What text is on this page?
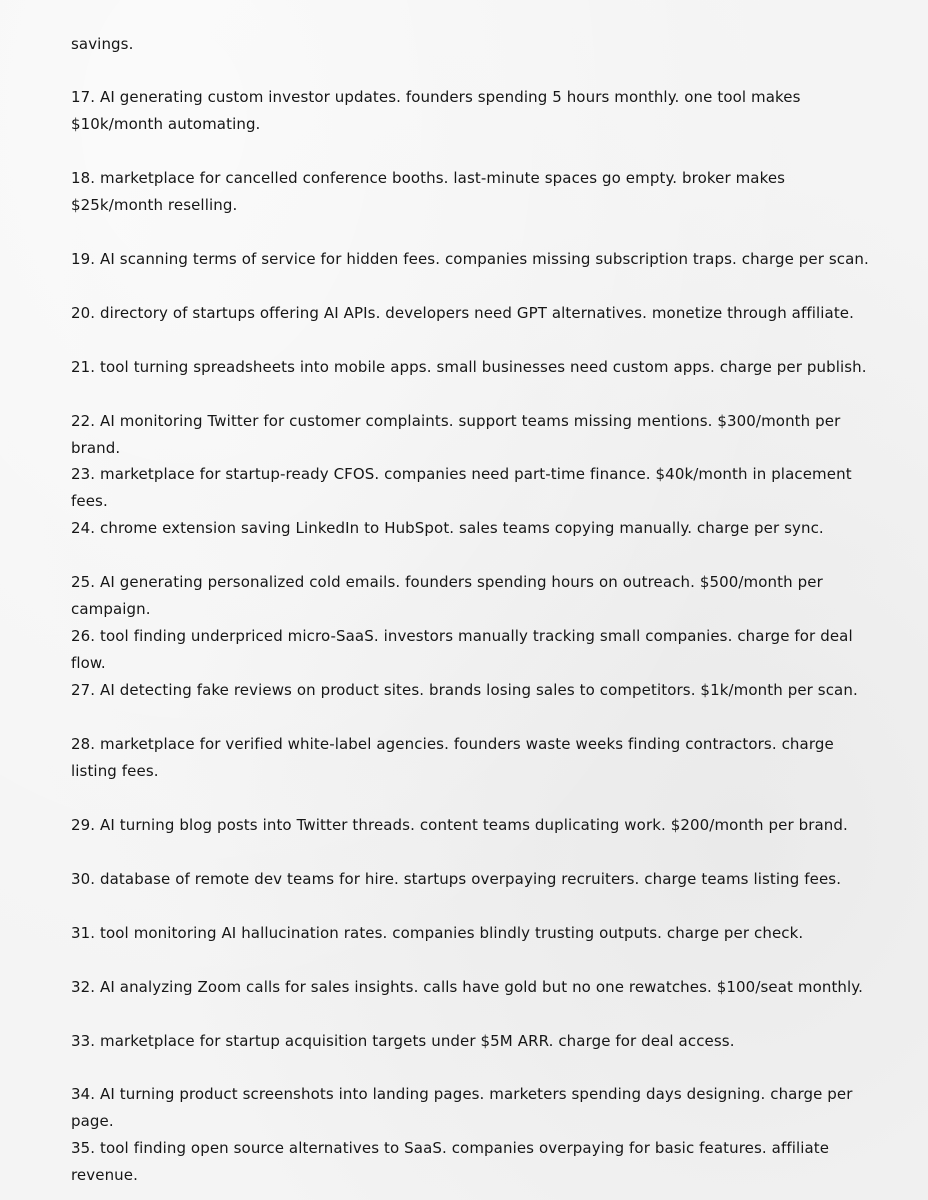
savings.
17. AI generating custom investor updates. founders spending 5 hours monthly. one tool makes $10k/month automating.
18. marketplace for cancelled conference booths. last-minute spaces go empty. broker makes $25k/month reselling.
19. AI scanning terms of service for hidden fees. companies missing subscription traps. charge per scan.
20. directory of startups offering AI APIs. developers need GPT alternatives. monetize through affiliate.
21. tool turning spreadsheets into mobile apps. small businesses need custom apps. charge per publish.
22. AI monitoring Twitter for customer complaints. support teams missing mentions. $300/month per brand.
23. marketplace for startup-ready CFOS. companies need part-time finance. $40k/month in placement fees.
24. chrome extension saving LinkedIn to HubSpot. sales teams copying manually. charge per sync.
25. AI generating personalized cold emails. founders spending hours on outreach. $500/month per campaign.
26. tool finding underpriced micro-SaaS. investors manually tracking small companies. charge for deal flow.
27. AI detecting fake reviews on product sites. brands losing sales to competitors. $1k/month per scan.
28. marketplace for verified white-label agencies. founders waste weeks finding contractors. charge listing fees.
29. AI turning blog posts into Twitter threads. content teams duplicating work. $200/month per brand.
30. database of remote dev teams for hire. startups overpaying recruiters. charge teams listing fees.
31. tool monitoring AI hallucination rates. companies blindly trusting outputs. charge per check.
32. AI analyzing Zoom calls for sales insights. calls have gold but no one rewatches. $100/seat monthly.
33. marketplace for startup acquisition targets under $5M ARR. charge for deal access.
34. AI turning product screenshots into landing pages. marketers spending days designing. charge per page.
35. tool finding open source alternatives to SaaS. companies overpaying for basic features. affiliate revenue.
